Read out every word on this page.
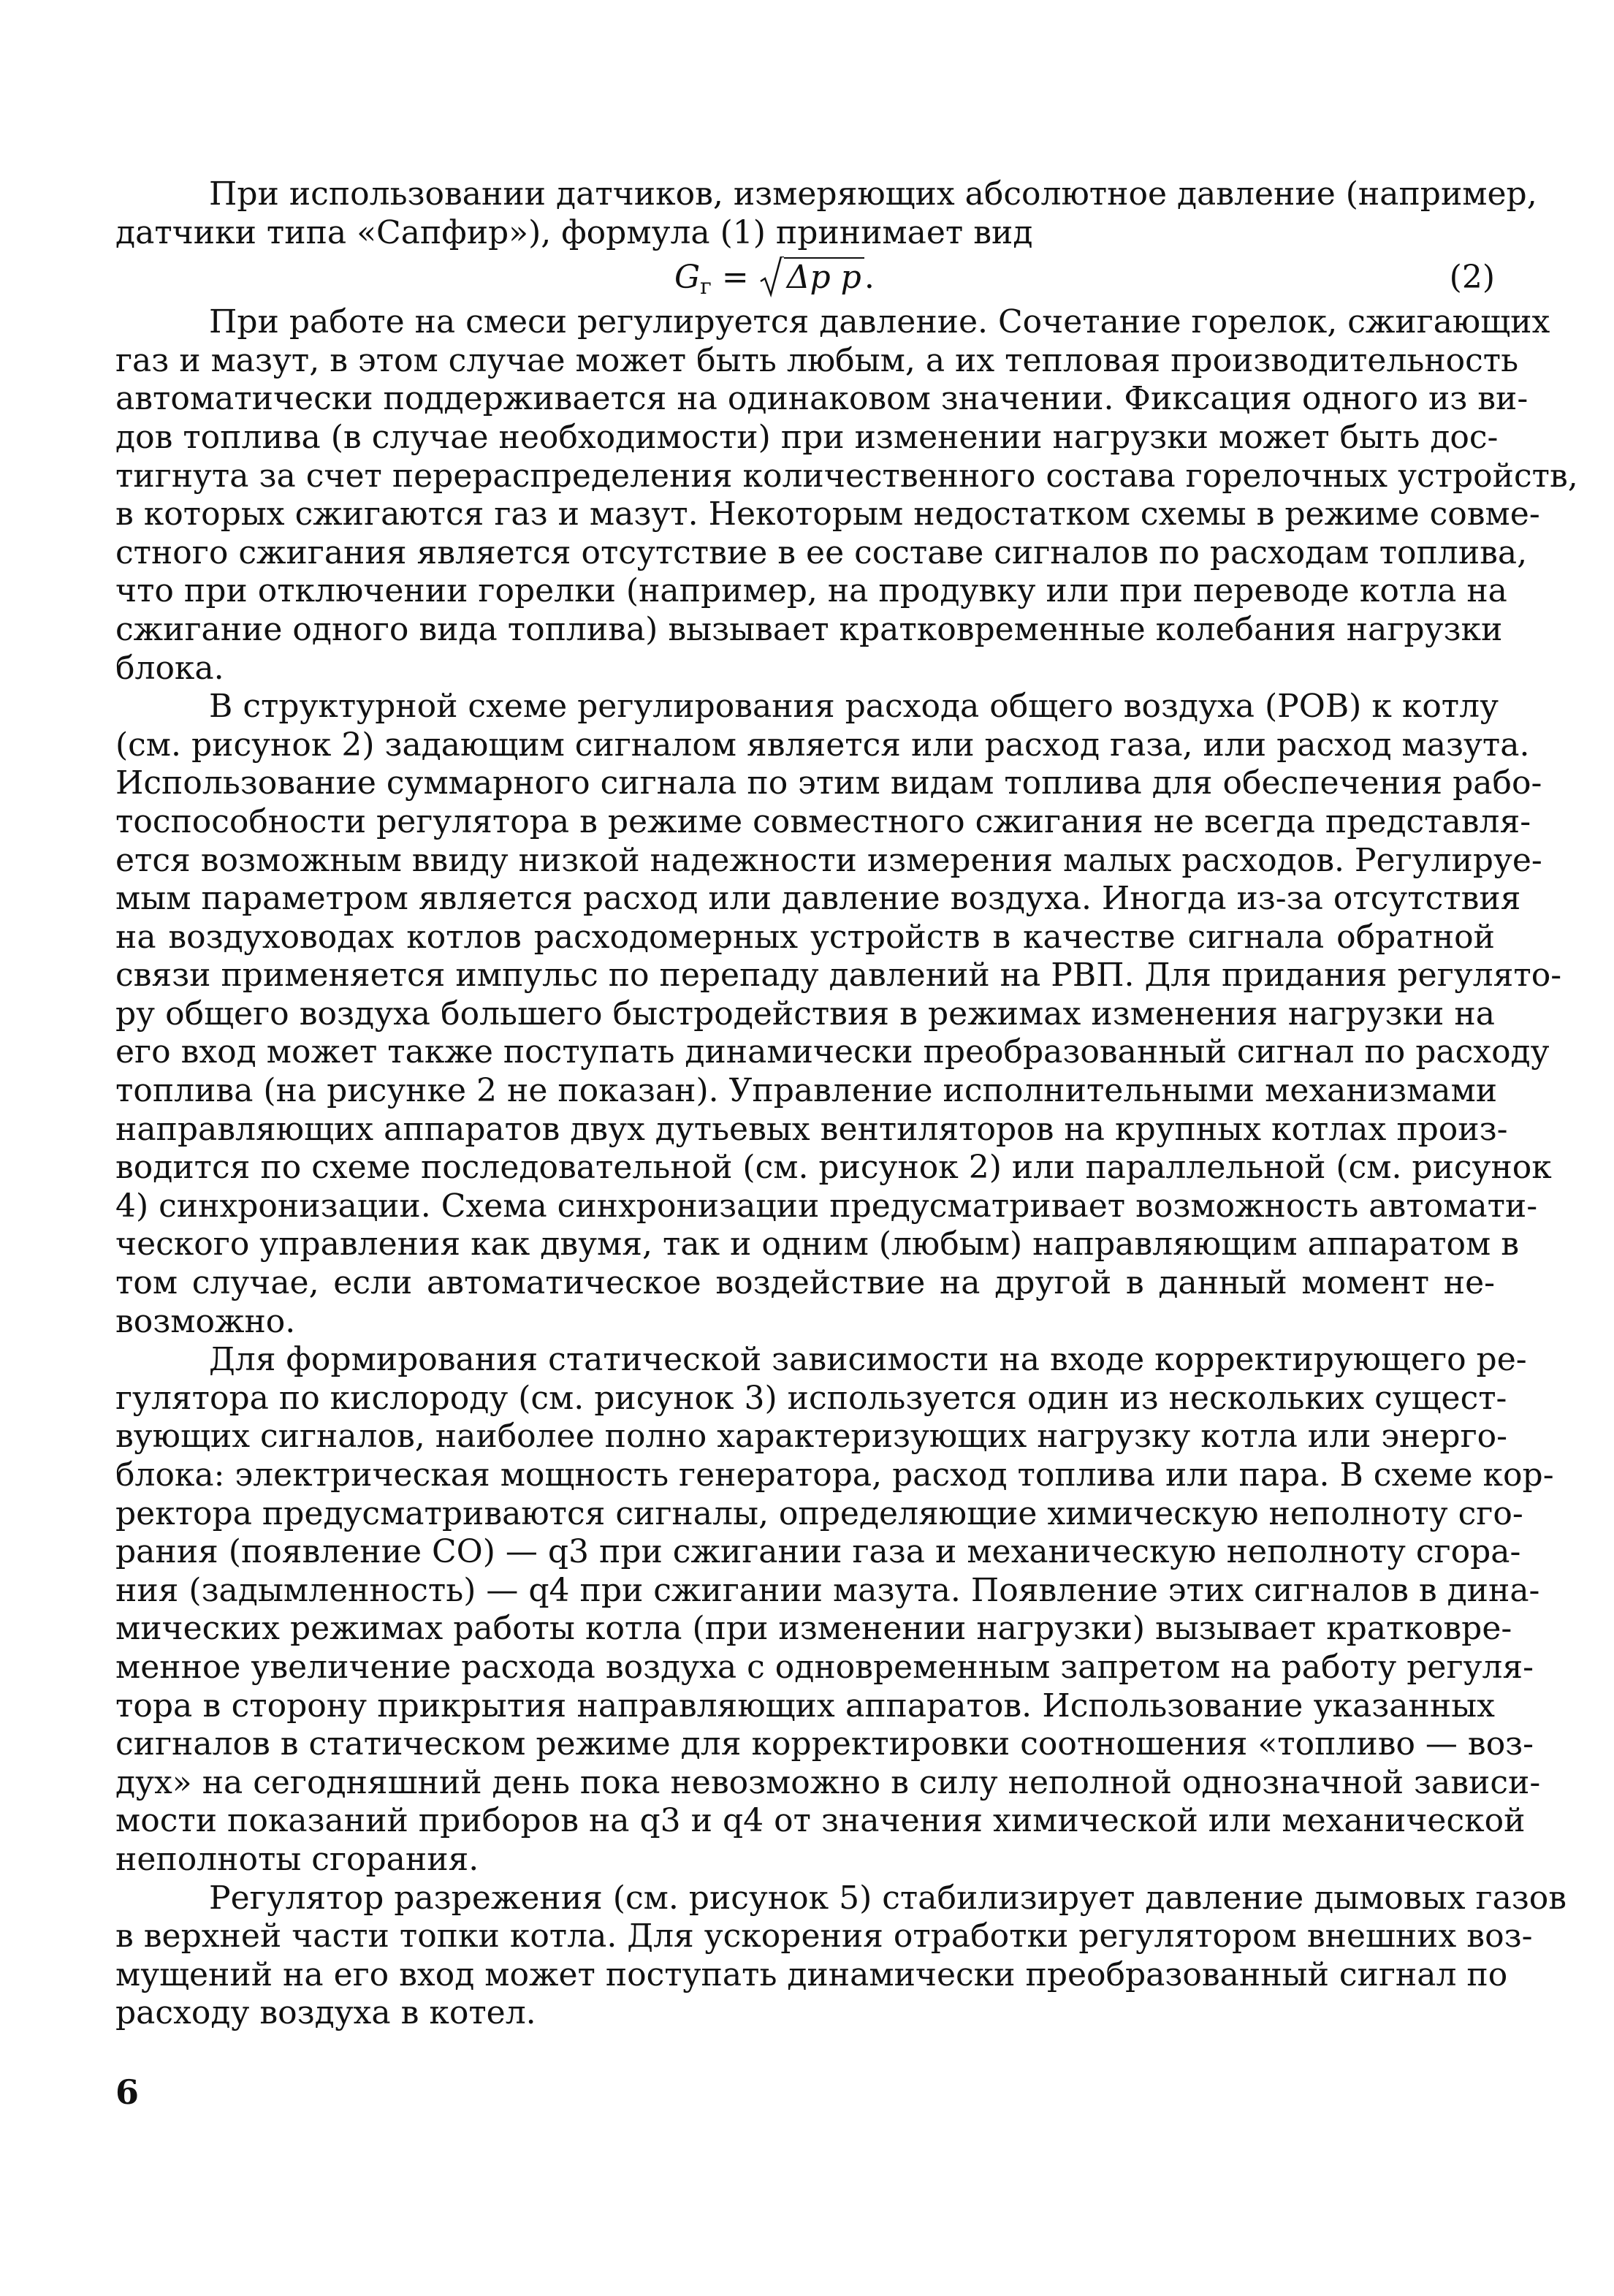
При использовании датчиков, измеряющих абсолютное давление (например,
датчики типа «Сапфир»), формула (1) принимает вид
$G_г = \Delta p$ p.	(2)
При работе на смеси регулируется давление. Сочетание горелок, сжигающих
газ и мазут, в этом случае может быть любым, а их тепловая производительность
автоматически поддерживается на одинаковом значении. Фиксация одного из ви-
дов топлива (в случае необходимости) при изменении нагрузки может быть дос-
тигнута за счет перераспределения количественного состава горелочных устройств,
в которых сжигаются газ и мазут. Некоторым недостатком схемы в режиме совме-
стного сжигания является отсутствие в ее составе сигналов по расходам топлива,
что при отключении горелки (например, на продувку или при переводе котла на
сжигание одного вида топлива) вызывает кратковременные колебания нагрузки
блока.
В структурной схеме регулирования расхода общего воздуха (РОВ) к котлу
(см. рисунок 2) задающим сигналом является или расход газа, или расход мазута.
Использование суммарного сигнала по этим видам топлива для обеспечения рабо-
тоспособности регулятора в режиме совместного сжигания не всегда представля-
ется возможным ввиду низкой надежности измерения малых расходов. Регулируе-
мым параметром является расход или давление воздуха. Иногда из-за отсутствия
на воздуховодах котлов расходомерных устройств в качестве сигнала обратной
связи применяется импульс по перепаду давлений на РВП. Для придания регулято-
ру общего воздуха большего быстродействия в режимах изменения нагрузки на
его вход может также поступать динамически преобразованный сигнал по расходу
топлива (на рисунке 2 не показан). Управление исполнительными механизмами
направляющих аппаратов двух дутьевых вентиляторов на крупных котлах произ-
водится по схеме последовательной (см. рисунок 2) или параллельной (см. рисунок
4) синхронизации. Схема синхронизации предусматривает возможность автомати-
ческого управления как двумя, так и одним (любым) направляющим аппаратом в
том случае, если автоматическое воздействие на другой в данный момент не-
возможно.
Для формирования статической зависимости на входе корректирующего ре-
гулятора по кислороду (см. рисунок 3) используется один из нескольких сущест-
вующих сигналов, наиболее полно характеризующих нагрузку котла или энерго-
блока: электрическая мощность генератора, расход топлива или пара. В схеме кор-
ректора предусматриваются сигналы, определяющие химическую неполноту сго-
рания (появление CO) — q3 при сжигании газа и механическую неполноту сгора-
ния (задымленность) — q4 при сжигании мазута. Появление этих сигналов в дина-
мических режимах работы котла (при изменении нагрузки) вызывает кратковре-
менное увеличение расхода воздуха с одновременным запретом на работу регуля-
тора в сторону прикрытия направляющих аппаратов. Использование указанных
сигналов в статическом режиме для корректировки соотношения «топливо — воз-
дух» на сегодняшний день пока невозможно в силу неполной однозначной зависи-
мости показаний приборов на q3 и q4 от значения химической или механической
неполноты сгорания.
Регулятор разрежения (см. рисунок 5) стабилизирует давление дымовых газов
в верхней части топки котла. Для ускорения отработки регулятором внешних воз-
мущений на его вход может поступать динамически преобразованный сигнал по
расходу воздуха в котел.
6
